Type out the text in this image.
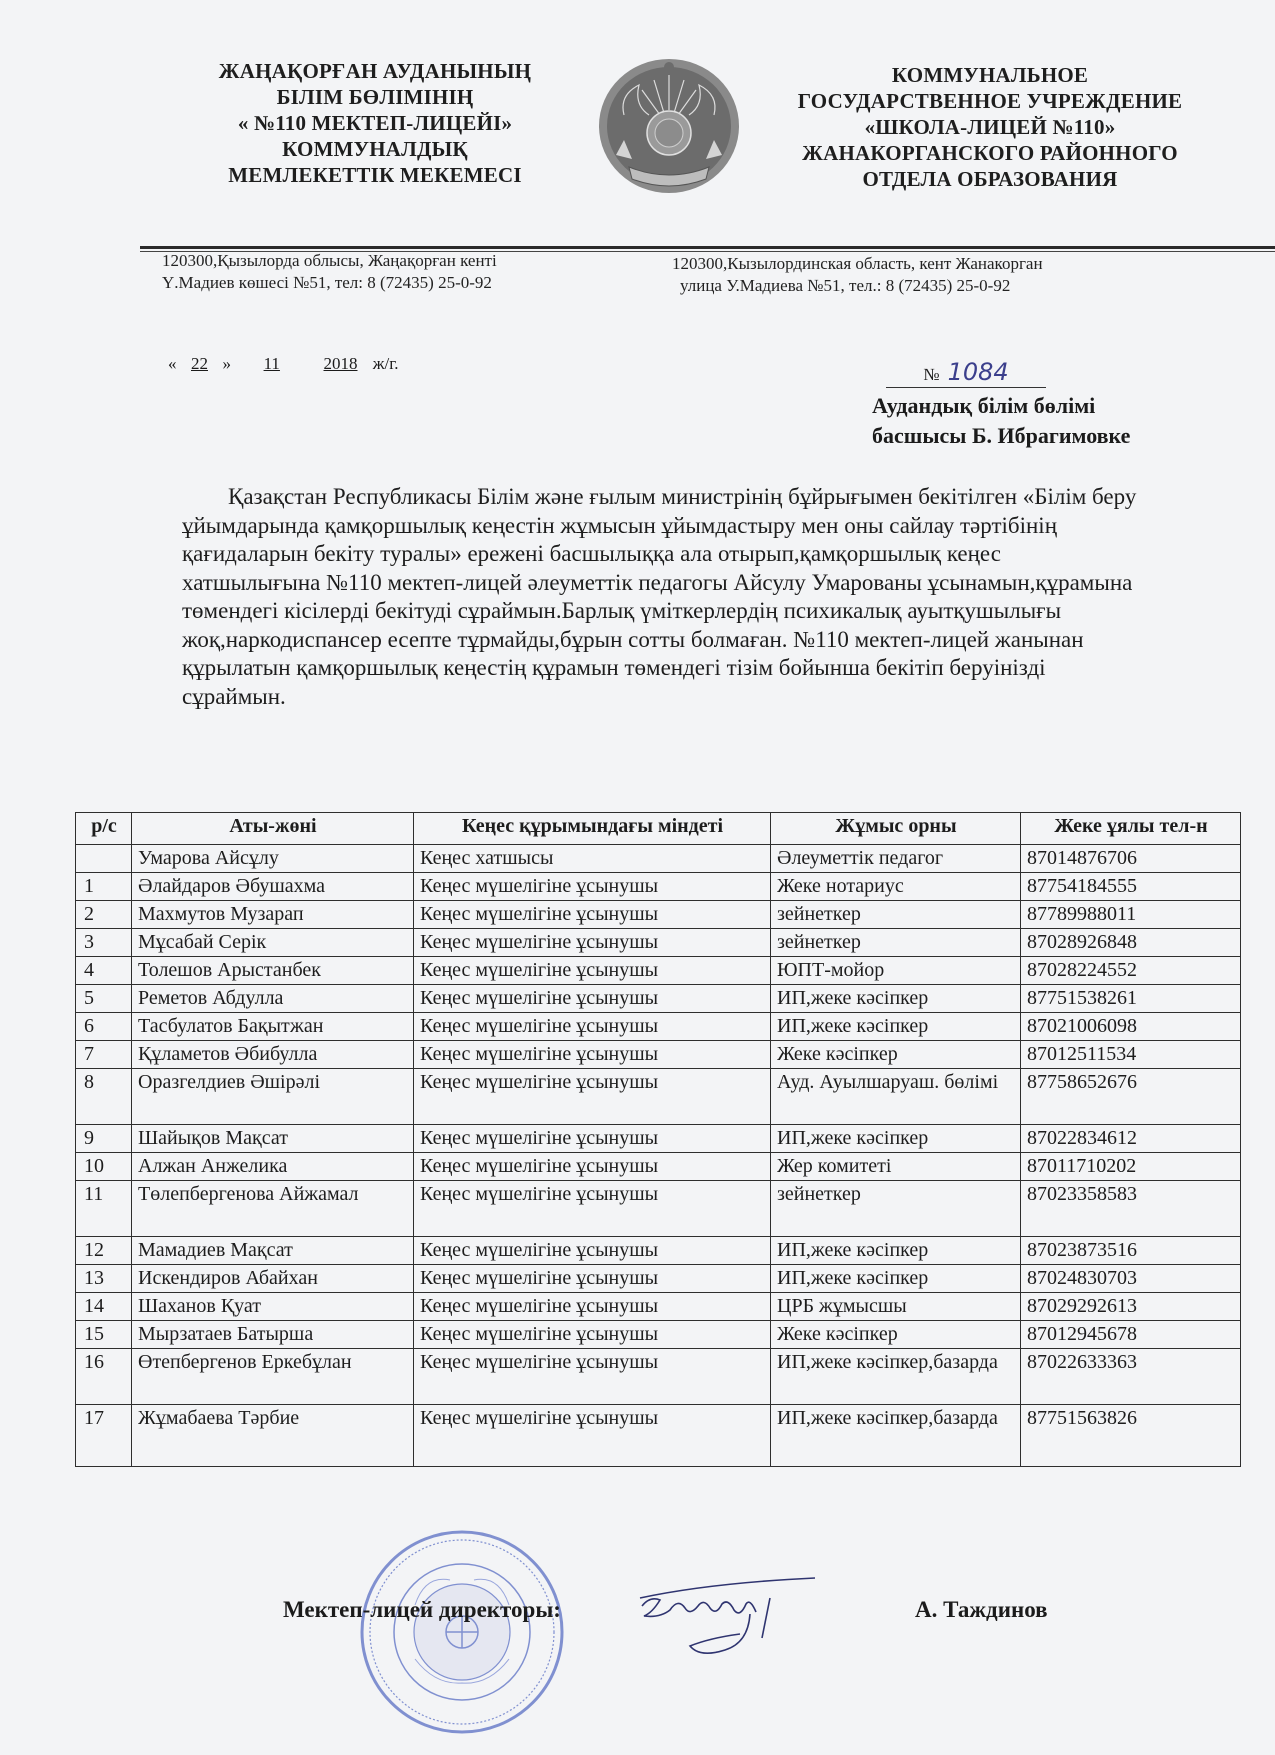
ЖАҢАҚОРҒАН АУДАНЫНЫҢ
БІЛІМ БӨЛІМІНІҢ
« №110 МЕКТЕП-ЛИЦЕЙІ»
КОММУНАЛДЫҚ
МЕМЛЕКЕТТІК МЕКЕМЕСІ
КОММУНАЛЬНОЕ
ГОСУДАРСТВЕННОЕ УЧРЕЖДЕНИЕ
«ШКОЛА-ЛИЦЕЙ №110»
ЖАНАКОРГАНСКОГО РАЙОННОГО
ОТДЕЛА ОБРАЗОВАНИЯ
120300,Қызылорда облысы, Жаңақорған кенті
Ү.Мадиев көшесі №51, тел: 8 (72435) 25-0-92
120300,Кызылординская область, кент Жанакорган
улица У.Мадиева №51, тел.: 8 (72435) 25-0-92
« 22 » 11	2018 ж/г.
№ 1084
Аудандық білім бөлімі
басшысы Б. Ибрагимовке
Қазақстан Республикасы Білім және ғылым министрінің бұйрығымен бекітілген «Білім беру ұйымдарында қамқоршылық кеңестін жұмысын ұйымдастыру мен оны сайлау тәртібінің қағидаларын бекіту туралы» ережені басшылыққа ала отырып,қамқоршылық кеңес хатшылығына №110 мектеп-лицей әлеуметтік педагогы Айсулу Умарованы ұсынамын,құрамына төмендегі кісілерді бекітуді сұраймын.Барлық үміткерлердің психикалық ауытқушылығы жоқ,наркодиспансер есепте тұрмайды,бұрын сотты болмаған. №110 мектеп-лицей жанынан құрылатын қамқоршылық кеңестің құрамын төмендегі тізім бойынша бекітіп беруінізді сұраймын.
р/с	Аты-жөні	Кеңес құрымындағы міндеті	Жұмыс орны	Жеке ұялы тел-н
	Умарова Айсұлу	Кеңес хатшысы	Әлеуметтік педагог	87014876706
1	Әлайдаров Әбушахма	Кеңес мүшелігіне ұсынушы	Жеке нотариус	87754184555
2	Махмутов Музарап	Кеңес мүшелігіне ұсынушы	зейнеткер	87789988011
3	Мұсабай Серік	Кеңес мүшелігіне ұсынушы	зейнеткер	87028926848
4	Толешов Арыстанбек	Кеңес мүшелігіне ұсынушы	ЮПТ-мойор	87028224552
5	Реметов Абдулла	Кеңес мүшелігіне ұсынушы	ИП,жеке кәсіпкер	87751538261
6	Тасбулатов Бақытжан	Кеңес мүшелігіне ұсынушы	ИП,жеке кәсіпкер	87021006098
7	Құламетов Әбибулла	Кеңес мүшелігіне ұсынушы	Жеке кәсіпкер	87012511534
8	Оразгелдиев Әшірәлі	Кеңес мүшелігіне ұсынушы	Ауд. Ауылшаруаш. бөлімі	87758652676
9	Шайықов Мақсат	Кеңес мүшелігіне ұсынушы	ИП,жеке кәсіпкер	87022834612
10	Алжан Анжелика	Кеңес мүшелігіне ұсынушы	Жер комитеті	87011710202
11	Төлепбергенова Айжамал	Кеңес мүшелігіне ұсынушы	зейнеткер	87023358583
12	Мамадиев Мақсат	Кеңес мүшелігіне ұсынушы	ИП,жеке кәсіпкер	87023873516
13	Искендиров Абайхан	Кеңес мүшелігіне ұсынушы	ИП,жеке кәсіпкер	87024830703
14	Шаханов Қуат	Кеңес мүшелігіне ұсынушы	ЦРБ жұмысшы	87029292613
15	Мырзатаев Батырша	Кеңес мүшелігіне ұсынушы	Жеке кәсіпкер	87012945678
16	Өтепбергенов Еркебұлан	Кеңес мүшелігіне ұсынушы	ИП,жеке кәсіпкер,базарда	87022633363
17	Жұмабаева Тәрбие	Кеңес мүшелігіне ұсынушы	ИП,жеке кәсіпкер,базарда	87751563826
Мектеп-лицей директоры:	А. Таждинов
